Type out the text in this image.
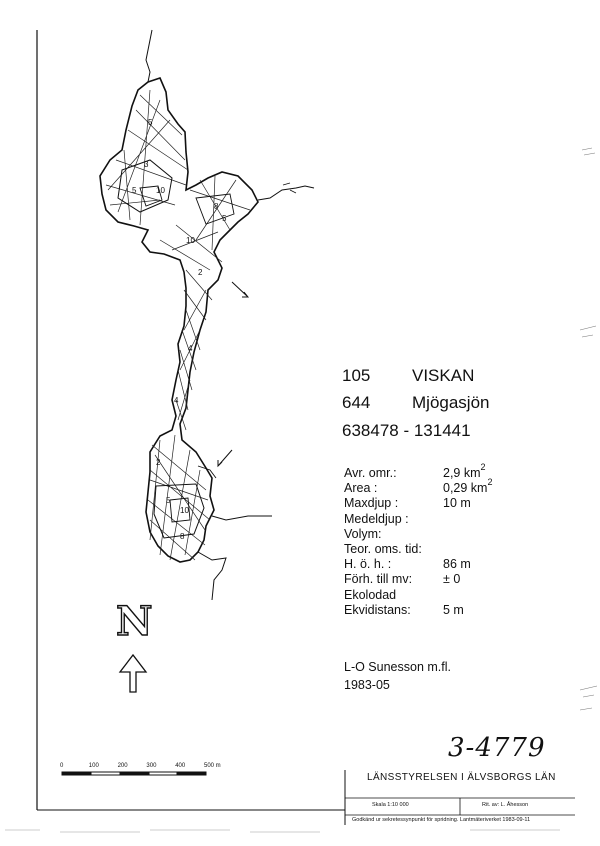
5
3
5 10
8
5
10
2
4
4
2
5
10
8
105 VISKAN
644 Mjögasjön
638478 - 131441
Avr. omr.:	2,9 $km^2$
Area :	0,29 $km^2$
Maxdjup :	10 m
Medeldjup :
Volym:
Teor. oms. tid:
H. ö. h. :	86 m
Förh. till mv: ± 0
Ekolodad
Ekvidistans:	5 m
N
0	100	200	300	400	500 m
L-O Sunesson m.fl.
1983-05
3-4779
LÄNSSTYRELSEN I ÄLVSBORGS LÄN
Skala 1:10 000	Rit. av: L. Åhesson
Godkänd ur sekretessynpunkt för spridning. Lantmäteriverket 1983-09-11
